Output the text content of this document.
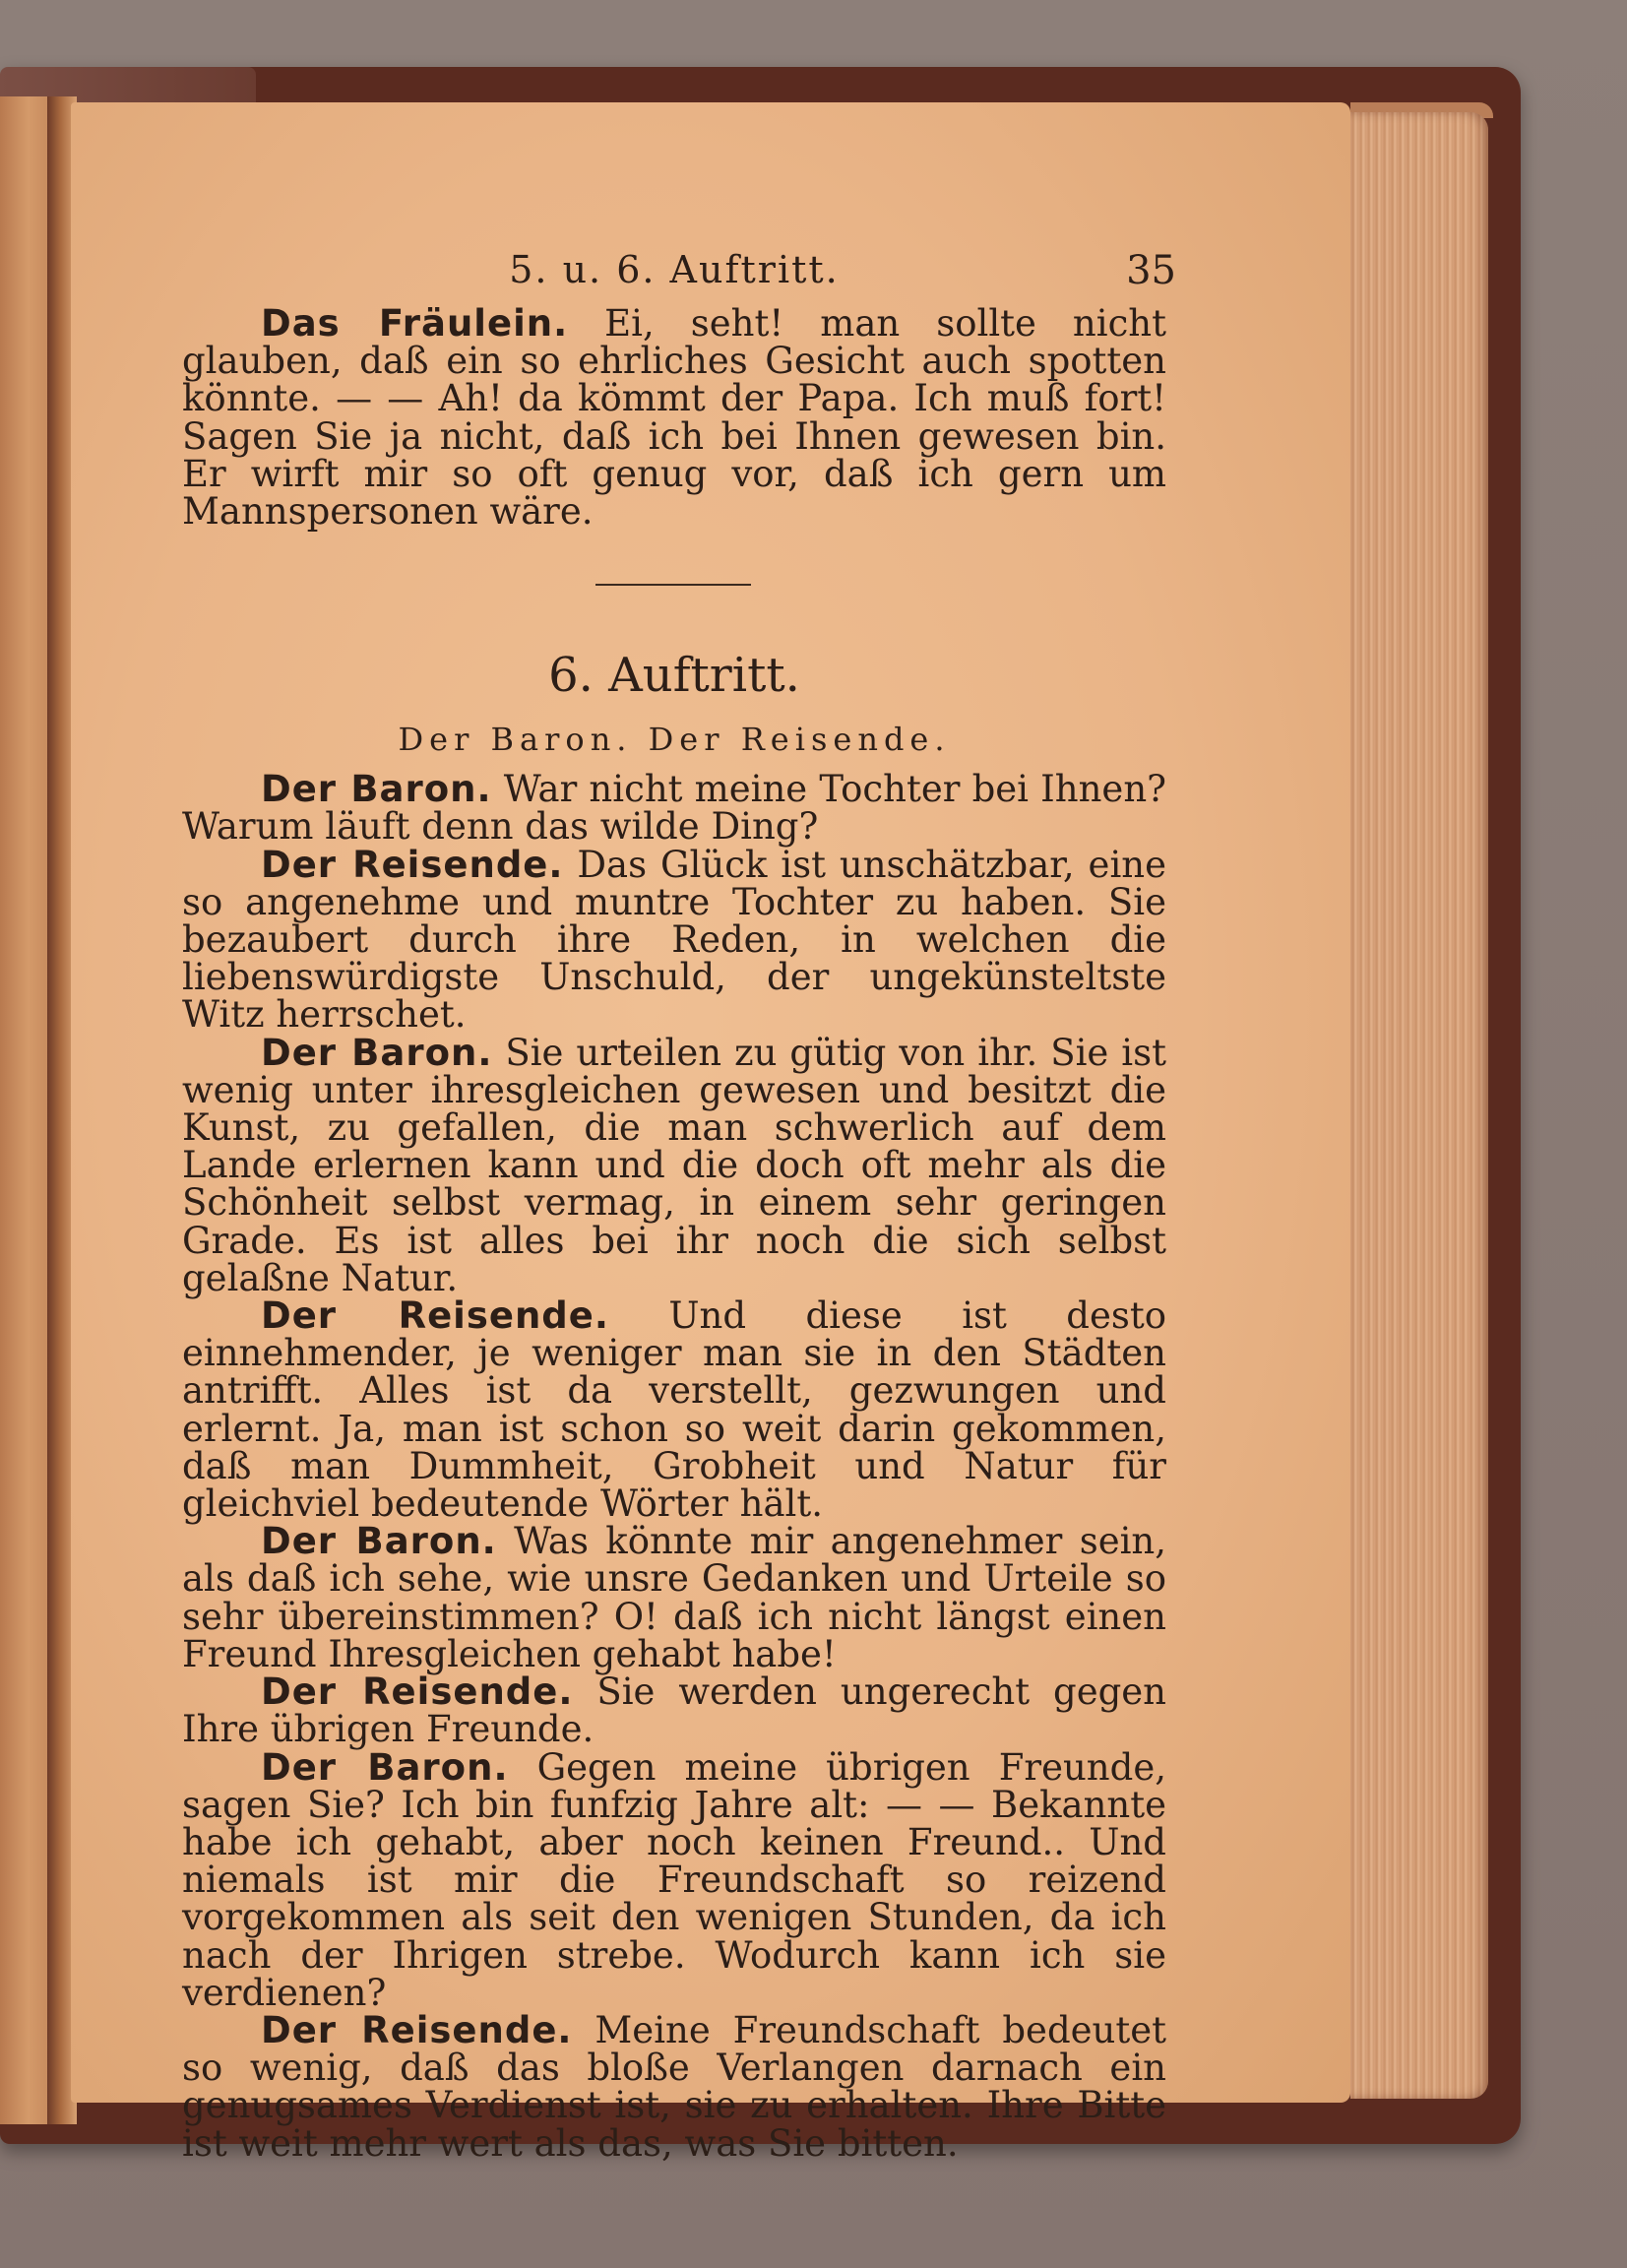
5. u. 6. Auftritt.	35

Das Fräulein. Ei, seht! man sollte nicht glauben, daß ein so ehrliches Gesicht auch spotten könnte. — — Ah! da kömmt der Papa. Ich muß fort! Sagen Sie ja nicht, daß ich bei Ihnen gewesen bin. Er wirft mir so oft genug vor, daß ich gern um Mannspersonen wäre.

6. Auftritt.
Der Baron. Der Reisende.

Der Baron. War nicht meine Tochter bei Ihnen? Warum läuft denn das wilde Ding?

Der Reisende. Das Glück ist unschätzbar, eine so angenehme und muntre Tochter zu haben. Sie bezaubert durch ihre Reden, in welchen die liebenswürdigste Unschuld, der ungekünsteltste Witz herrschet.

Der Baron. Sie urteilen zu gütig von ihr. Sie ist wenig unter ihresgleichen gewesen und besitzt die Kunst, zu gefallen, die man schwerlich auf dem Lande erlernen kann und die doch oft mehr als die Schönheit selbst vermag, in einem sehr geringen Grade. Es ist alles bei ihr noch die sich selbst gelaßne Natur.

Der Reisende. Und diese ist desto einnehmender, je weniger man sie in den Städten antrifft. Alles ist da verstellt, gezwungen und erlernt. Ja, man ist schon so weit darin gekommen, daß man Dummheit, Grobheit und Natur für gleichviel bedeutende Wörter hält.

Der Baron. Was könnte mir angenehmer sein, als daß ich sehe, wie unsre Gedanken und Urteile so sehr übereinstimmen? O! daß ich nicht längst einen Freund Ihresgleichen gehabt habe!

Der Reisende. Sie werden ungerecht gegen Ihre übrigen Freunde.

Der Baron. Gegen meine übrigen Freunde, sagen Sie? Ich bin funfzig Jahre alt: — — Bekannte habe ich gehabt, aber noch keinen Freund.. Und niemals ist mir die Freundschaft so reizend vorgekommen als seit den wenigen Stunden, da ich nach der Ihrigen strebe. Wodurch kann ich sie verdienen?

Der Reisende. Meine Freundschaft bedeutet so wenig, daß das bloße Verlangen darnach ein genugsames Verdienst ist, sie zu erhalten. Ihre Bitte ist weit mehr wert als das, was Sie bitten.
